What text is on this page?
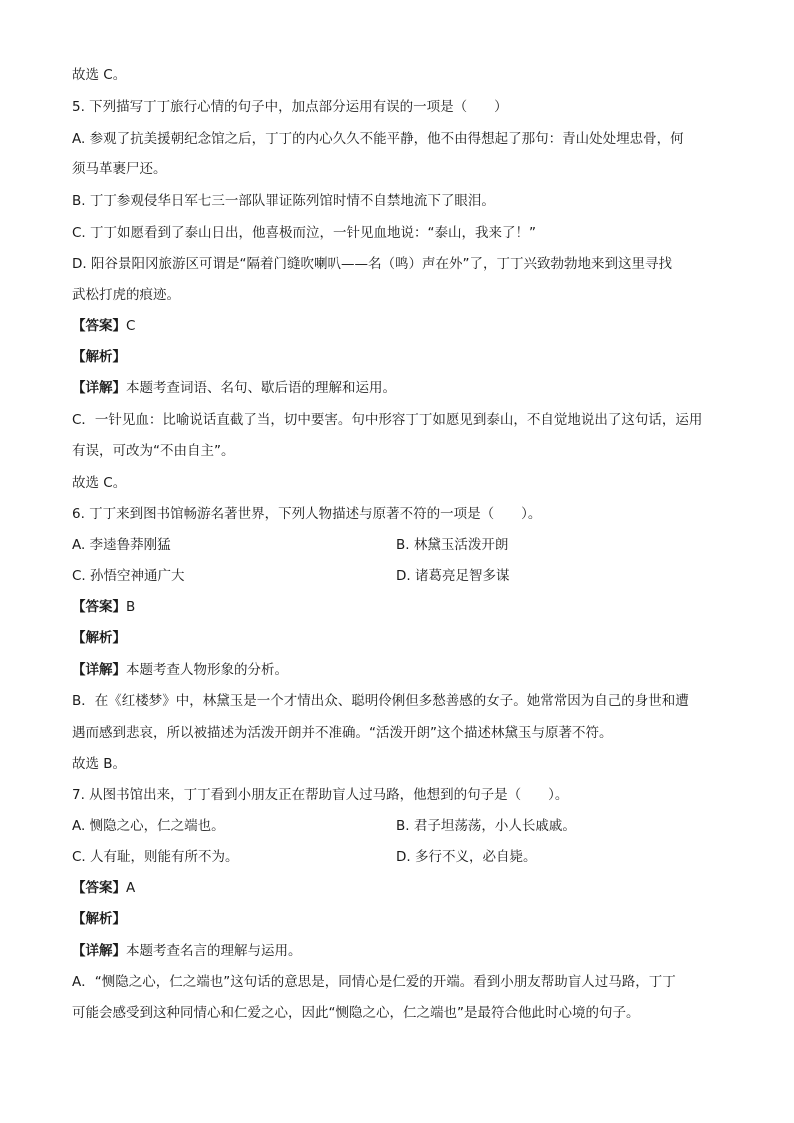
故选 C。
5. 下列描写丁丁旅行心情的句子中，加点部分运用有误的一项是（　　）
A. 参观了抗美援朝纪念馆之后，丁丁的内心久久不能平静，他不由得想起了那句：青山处处埋忠骨，何
须马革裹尸还。
B. 丁丁参观侵华日军七三一部队罪证陈列馆时情不自禁地流下了眼泪。
C. 丁丁如愿看到了泰山日出，他喜极而泣，一针见血地说：“泰山，我来了！”
D. 阳谷景阳冈旅游区可谓是“隔着门缝吹喇叭——名（鸣）声在外”了，丁丁兴致勃勃地来到这里寻找
武松打虎的痕迹。
【答案】C
【解析】
【详解】本题考查词语、名句、歇后语的理解和运用。
C．一针见血：比喻说话直截了当，切中要害。句中形容丁丁如愿见到泰山，不自觉地说出了这句话，运用
有误，可改为“不由自主”。
故选 C。
6. 丁丁来到图书馆畅游名著世界，下列人物描述与原著不符的一项是（　　）。
A. 李逵鲁莽刚猛	B. 林黛玉活泼开朗
C. 孙悟空神通广大	D. 诸葛亮足智多谋
【答案】B
【解析】
【详解】本题考查人物形象的分析。
B．在《红楼梦》中，林黛玉是一个才情出众、聪明伶俐但多愁善感的女子。她常常因为自己的身世和遭
遇而感到悲哀，所以被描述为活泼开朗并不准确。“活泼开朗”这个描述林黛玉与原著不符。
故选 B。
7. 从图书馆出来，丁丁看到小朋友正在帮助盲人过马路，他想到的句子是（　　）。
A. 恻隐之心，仁之端也。	B. 君子坦荡荡，小人长戚戚。
C. 人有耻，则能有所不为。	D. 多行不义，必自毙。
【答案】A
【解析】
【详解】本题考查名言的理解与运用。
A．“恻隐之心，仁之端也”这句话的意思是，同情心是仁爱的开端。看到小朋友帮助盲人过马路，丁丁
可能会感受到这种同情心和仁爱之心，因此“恻隐之心，仁之端也”是最符合他此时心境的句子。
